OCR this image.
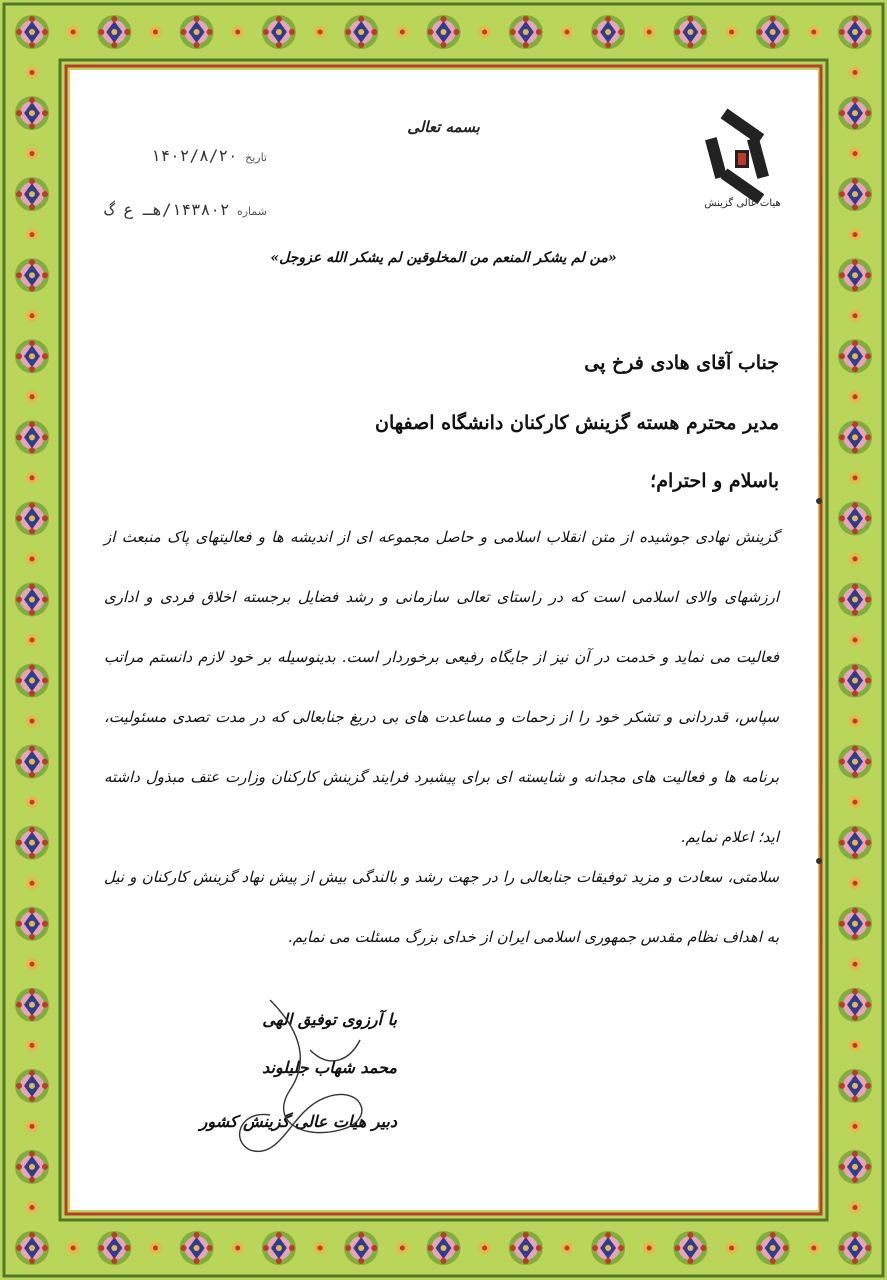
بسمه تعالی
هیات عالی گزینش
تاریخ ۱۴۰۲/۸/۲۰
شماره ۱۴۳۸۰۲/هـ ع گ
«من لم یشکر المنعم من المخلوقین لم یشکر الله عزوجل»
جناب آقای هادی فرخ پی
مدیر محترم هسته گزینش کارکنان دانشگاه اصفهان
باسلام و احترام؛
گزینش نهادی جوشیده از متن انقلاب اسلامی و حاصل مجموعه ای از اندیشه ها و فعالیتهای پاک منبعث از ارزشهای والای اسلامی است که در راستای تعالی سازمانی و رشد فضایل برجسته اخلاق فردی و اداری فعالیت می نماید و خدمت در آن نیز از جایگاه رفیعی برخوردار است. بدینوسیله بر خود لازم دانستم مراتب سپاس، قدردانی و تشکر خود را از زحمات و مساعدت های بی دریغ جنابعالی که در مدت تصدی مسئولیت، برنامه ها و فعالیت های مجدانه و شایسته ای برای پیشبرد فرایند گزینش کارکنان وزارت عتف مبذول داشته اید؛ اعلام نمایم.
سلامتی، سعادت و مزید توفیقات جنابعالی را در جهت رشد و بالندگی بیش از پیش نهاد گزینش کارکنان و نیل به اهداف نظام مقدس جمهوری اسلامی ایران از خدای بزرگ مسئلت می نمایم.
با آرزوی توفیق الهی
محمد شهاب جلیلوند
دبیر هیات عالی گزینش کشور
